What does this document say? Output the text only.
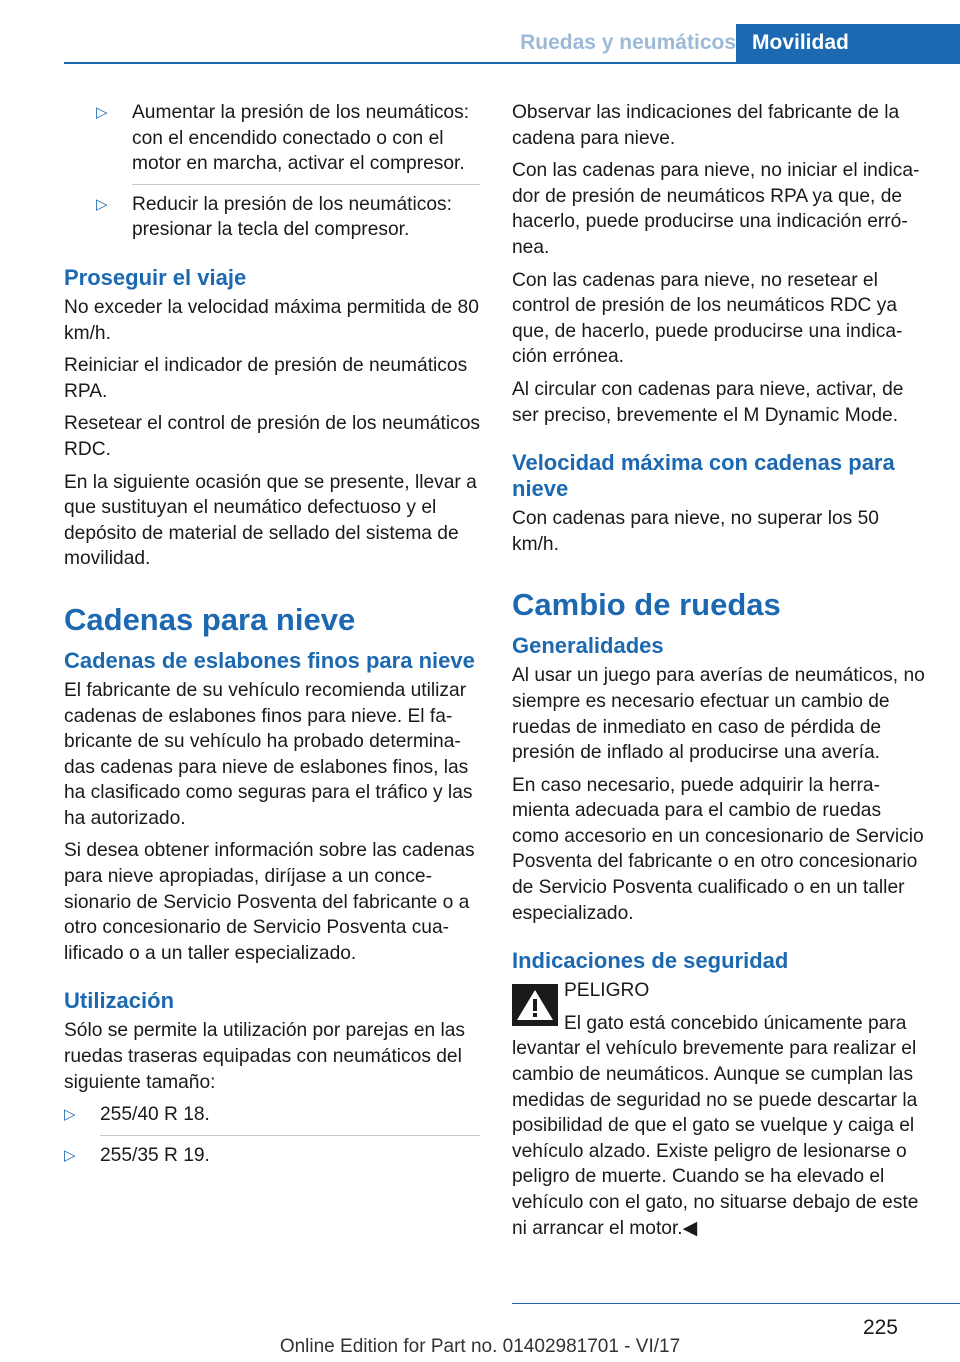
Ruedas y neumáticos Movilidad
▷	Aumentar la presión de los neumáticos: con el encendido conectado o con el motor en marcha, activar el compresor.
▷	Reducir la presión de los neumáticos: presionar la tecla del compresor.
Proseguir el viaje

No exceder la velocidad máxima permitida de 80 km/h.

Reiniciar el indicador de presión de neumáticos RPA.

Resetear el control de presión de los neumáticos RDC.

En la siguiente ocasión que se presente, llevar a que sustituyan el neumático defectuoso y el depósito de material de sellado del sistema de movilidad.

Cadenas para nieve
Cadenas de eslabones finos para nieve

El fabricante de su vehículo recomienda utilizar cadenas de eslabones finos para nieve. El fabricante de su vehículo ha probado determinadas cadenas para nieve de eslabones finos, las ha clasificado como seguras para el tráfico y las ha autorizado.

Si desea obtener información sobre las cadenas para nieve apropiadas, diríjase a un concesionario de Servicio Posventa del fabricante o a otro concesionario de Servicio Posventa cualificado o a un taller especializado.

Utilización

Sólo se permite la utilización por parejas en las ruedas traseras equipadas con neumáticos del siguiente tamaño:

▷	255/40 R 18.
▷	255/35 R 19.

Observar las indicaciones del fabricante de la cadena para nieve.

Con las cadenas para nieve, no iniciar el indicador de presión de neumáticos RPA ya que, de hacerlo, puede producirse una indicación errónea.

Con las cadenas para nieve, no resetear el control de presión de los neumáticos RDC ya que, de hacerlo, puede producirse una indicación errónea.

Al circular con cadenas para nieve, activar, de ser preciso, brevemente el M Dynamic Mode.

Velocidad máxima con cadenas para nieve

Con cadenas para nieve, no superar los 50 km/h.

Cambio de ruedas
Generalidades

Al usar un juego para averías de neumáticos, no siempre es necesario efectuar un cambio de ruedas de inmediato en caso de pérdida de presión de inflado al producirse una avería.

En caso necesario, puede adquirir la herramienta adecuada para el cambio de ruedas como accesorio en un concesionario de Servicio Posventa del fabricante o en otro concesionario de Servicio Posventa cualificado o en un taller especializado.

Indicaciones de seguridad

PELIGRO

El gato está concebido únicamente para levantar el vehículo brevemente para realizar el cambio de neumáticos. Aunque se cumplan las medidas de seguridad no se puede descartar la posibilidad de que el gato se vuelque y caiga el vehículo alzado. Existe peligro de lesionarse o peligro de muerte. Cuando se ha elevado el vehículo con el gato, no situarse debajo de este ni arrancar el motor.◀

225
Online Edition for Part no. 01402981701 - VI/17
